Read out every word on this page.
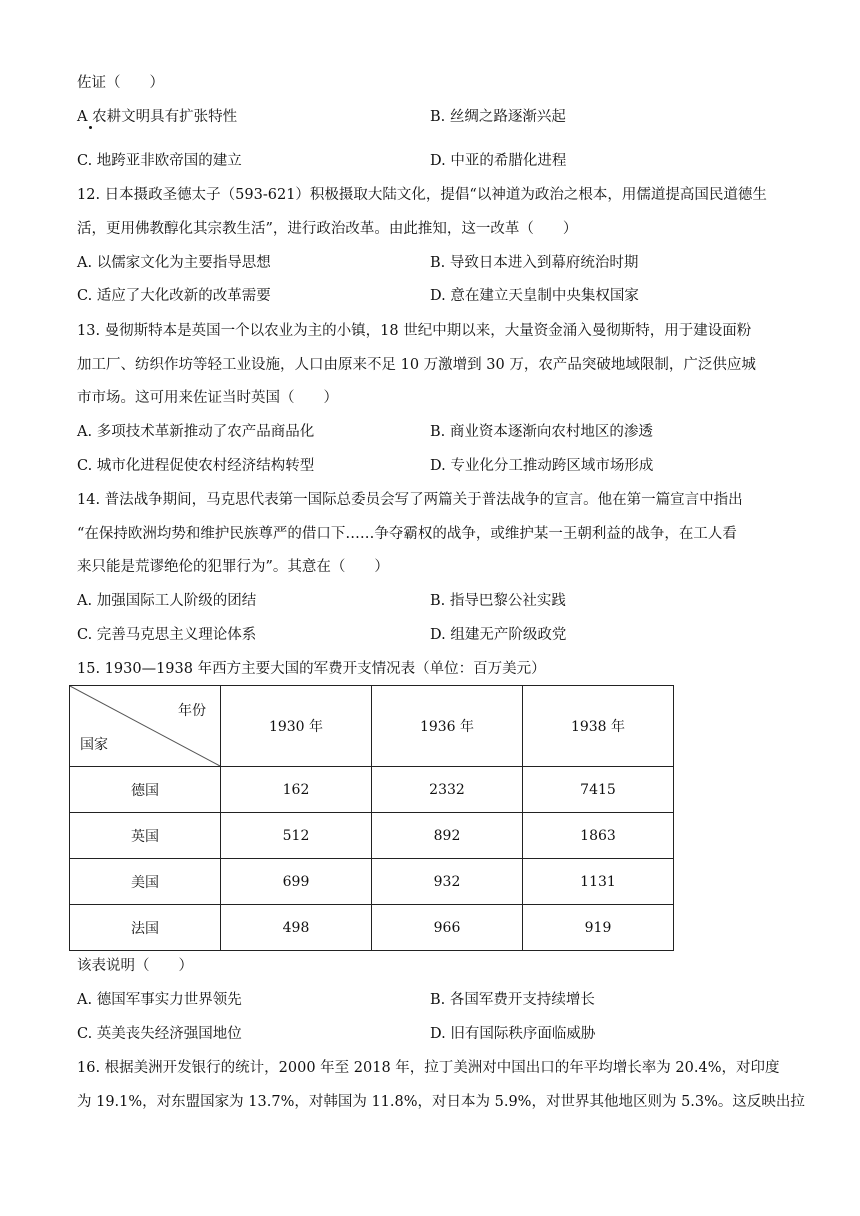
佐证（　　）
A 农耕文明具有扩张特性	B. 丝绸之路逐渐兴起
C. 地跨亚非欧帝国的建立	D. 中亚的希腊化进程
12. 日本摄政圣德太子（593-621）积极摄取大陆文化，提倡“以神道为政治之根本，用儒道提高国民道德生
活，更用佛教醇化其宗教生活”，进行政治改革。由此推知，这一改革（　　）
A. 以儒家文化为主要指导思想	B. 导致日本进入到幕府统治时期
C. 适应了大化改新的改革需要	D. 意在建立天皇制中央集权国家
13. 曼彻斯特本是英国一个以农业为主的小镇，18 世纪中期以来，大量资金涌入曼彻斯特，用于建设面粉
加工厂、纺织作坊等轻工业设施，人口由原来不足 10 万激增到 30 万，农产品突破地域限制，广泛供应城
市市场。这可用来佐证当时英国（　　）
A. 多项技术革新推动了农产品商品化	B. 商业资本逐渐向农村地区的渗透
C. 城市化进程促使农村经济结构转型	D. 专业化分工推动跨区域市场形成
14. 普法战争期间，马克思代表第一国际总委员会写了两篇关于普法战争的宣言。他在第一篇宣言中指出
“在保持欧洲均势和维护民族尊严的借口下……争夺霸权的战争，或维护某一王朝利益的战争，在工人看
来只能是荒谬绝伦的犯罪行为”。其意在（　　）
A. 加强国际工人阶级的团结	B. 指导巴黎公社实践
C. 完善马克思主义理论体系	D. 组建无产阶级政党
15. 1930—1938 年西方主要大国的军费开支情况表（单位：百万美元）
年份
国家	1930 年	1936 年	1938 年
德国	162	2332	7415
英国	512	892	1863
美国	699	932	1131
法国	498	966	919
该表说明（　　）
A. 德国军事实力世界领先	B. 各国军费开支持续增长
C. 英美丧失经济强国地位	D. 旧有国际秩序面临威胁
16. 根据美洲开发银行的统计，2000 年至 2018 年，拉丁美洲对中国出口的年平均增长率为 20.4%，对印度
为 19.1%，对东盟国家为 13.7%，对韩国为 11.8%，对日本为 5.9%，对世界其他地区则为 5.3%。这反映出拉
